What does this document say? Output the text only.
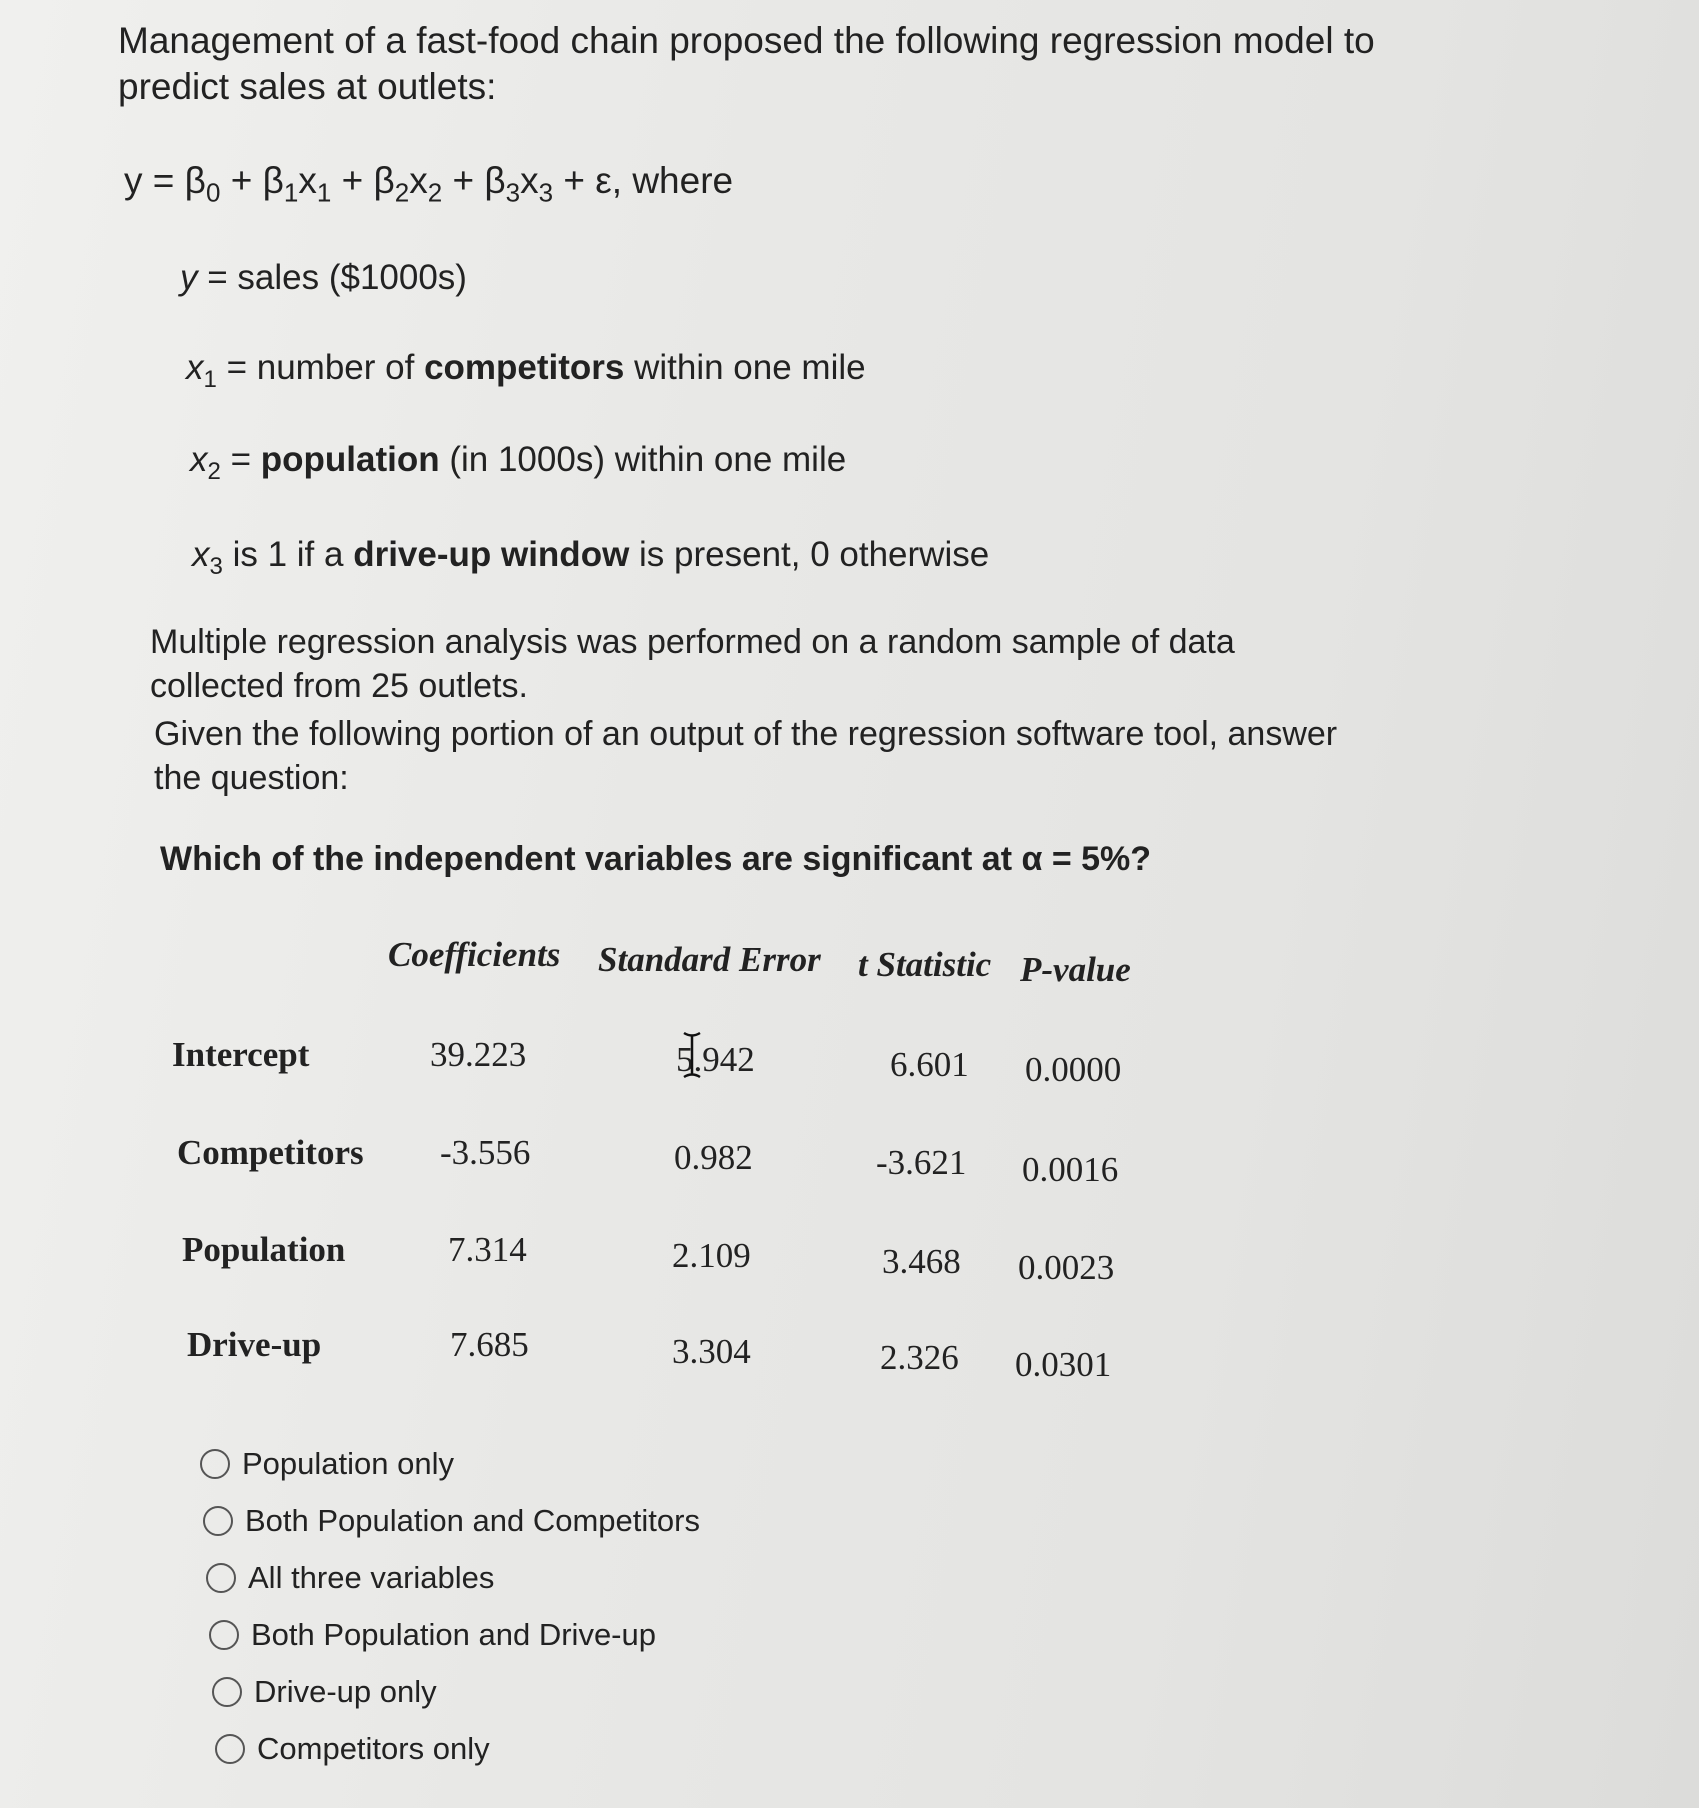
Management of a fast-food chain proposed the following regression model to predict sales at outlets:
$y = \beta_0 + \beta_1x_1 + \beta_2x_2 + \beta_3x_3 + \varepsilon$, where
y = sales ($1000s)
$x_1$ = number of competitors within one mile
$x_2$ = population (in 1000s) within one mile
$x_3$ is 1 if a drive-up window is present, 0 otherwise
Multiple regression analysis was performed on a random sample of data collected from 25 outlets.
Given the following portion of an output of the regression software tool, answer the question:
Which of the independent variables are significant at α = 5%?
Coefficients Standard Error t Statistic P-value
Intercept	39.223	5.942	6.601 0.0000
Competitors -3.556	0.982	-3.621 0.0016
Population	7.314	2.109	3.468 0.0023
Drive-up	7.685	3.304	2.326 0.0301
Population only
Both Population and Competitors
All three variables
Both Population and Drive-up
Drive-up only
Competitors only
